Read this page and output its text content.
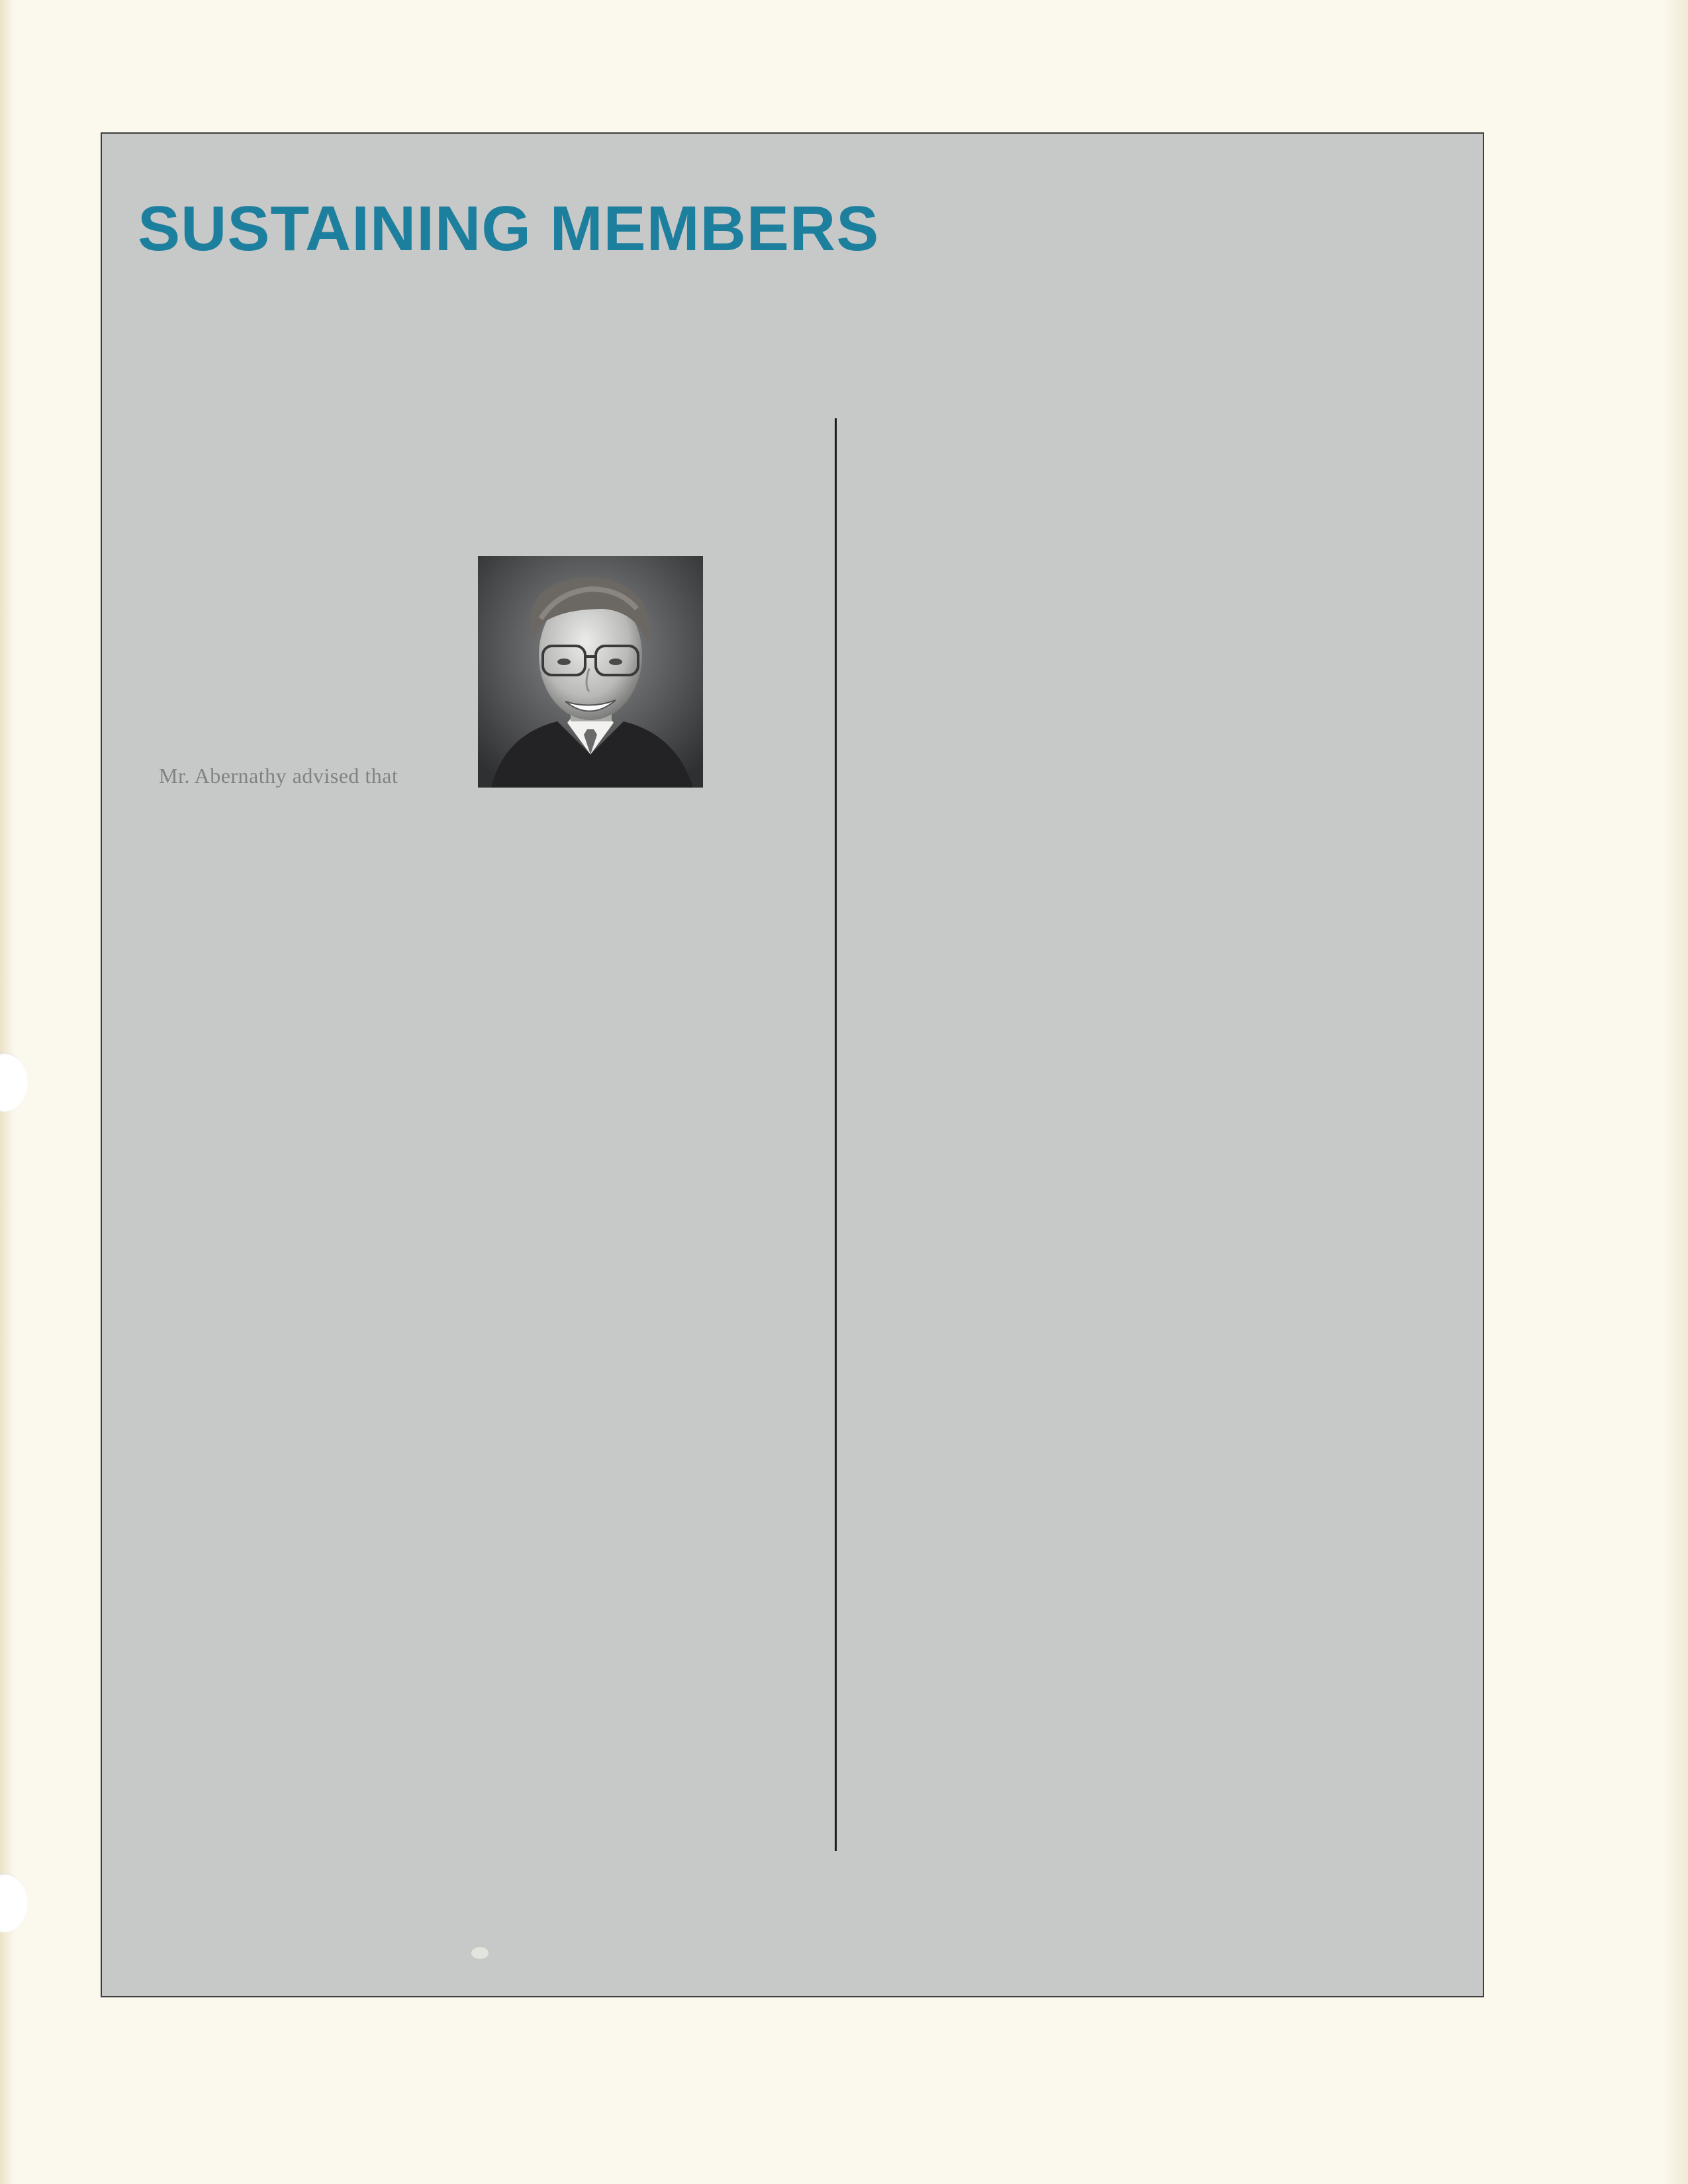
SUSTAINING MEMBERS

Mr. Abernathy advised that
